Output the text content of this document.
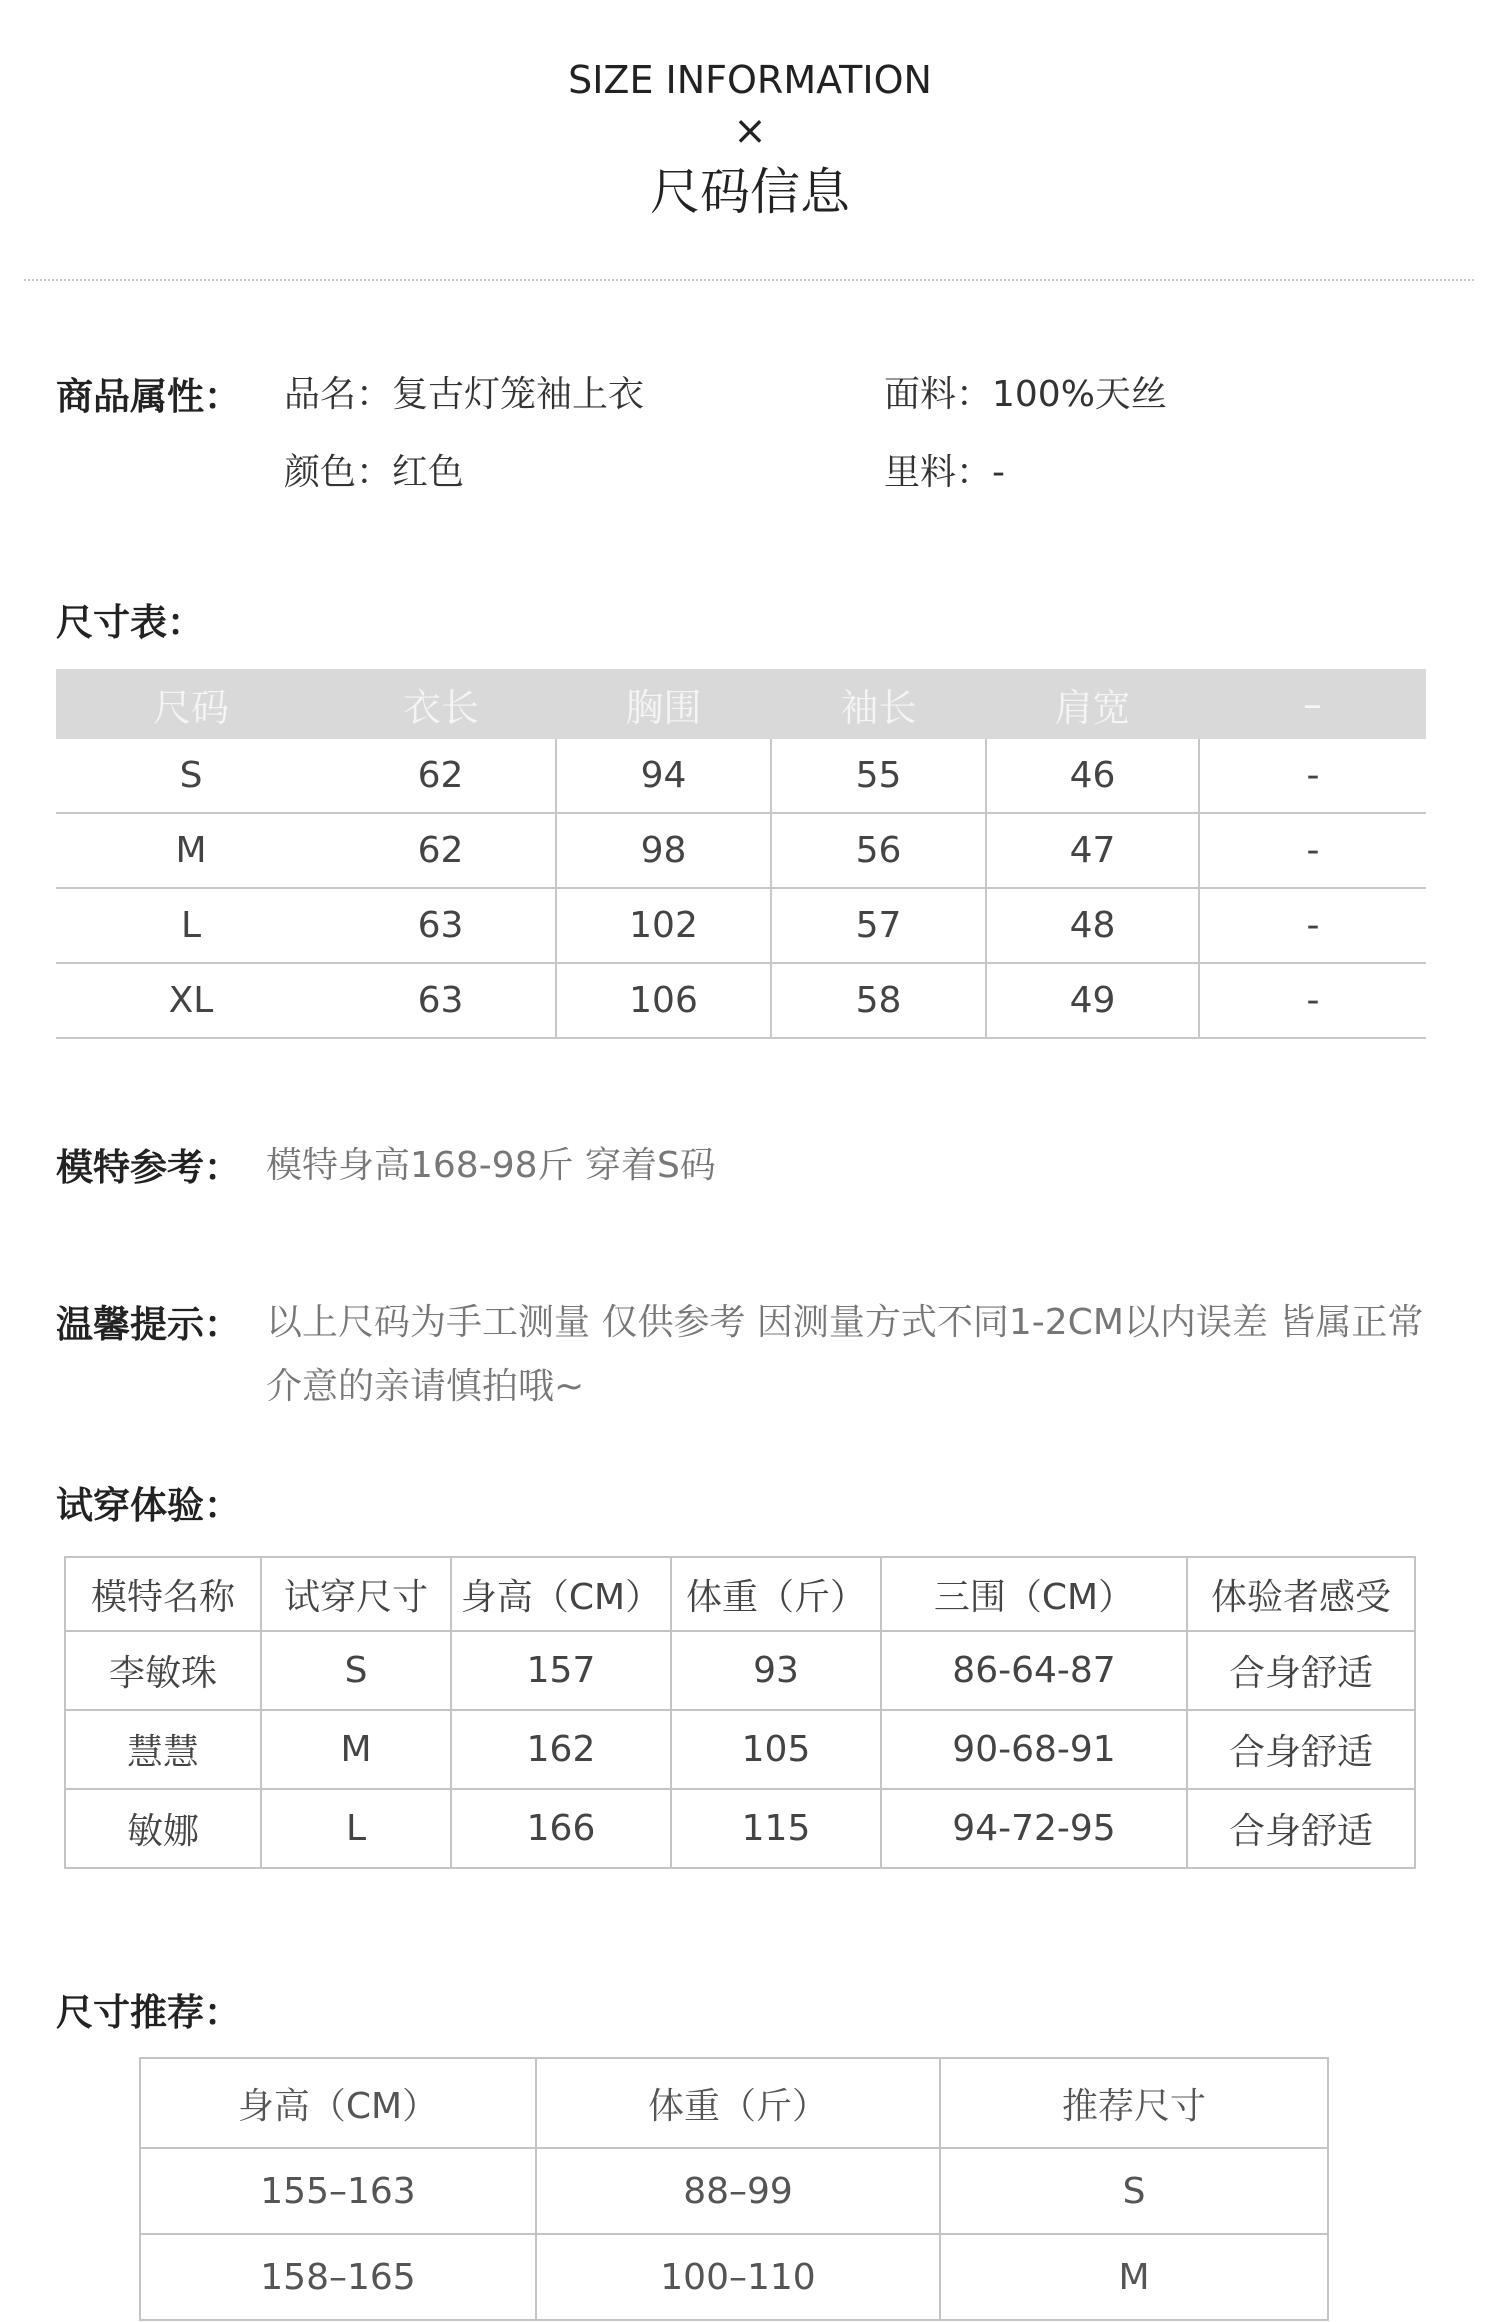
SIZE INFORMATION
×
尺码信息
商品属性： 品名：复古灯笼袖上衣	面料：100%天丝
颜色：红色	里料：-
尺寸表：
尺码	衣长	胸围	袖长	肩宽	–
S	62	94	55	46	-
M	62	98	56	47	-
L	63	102	57	48	-
XL	63	106	58	49	-
模特参考： 模特身高168-98斤 穿着S码
温馨提示： 以上尺码为手工测量 仅供参考 因测量方式不同1-2CM以内误差 皆属正常
介意的亲请慎拍哦~
试穿体验：
模特名称	试穿尺寸	身高（CM）	体重（斤）	三围（CM）	体验者感受
李敏珠	S	157	93	86-64-87	合身舒适
慧慧	M	162	105	90-68-91	合身舒适
敏娜	L	166	115	94-72-95	合身舒适
尺寸推荐：
身高（CM）	体重（斤）	推荐尺寸
155–163	88–99	S
158–165	100–110	M
